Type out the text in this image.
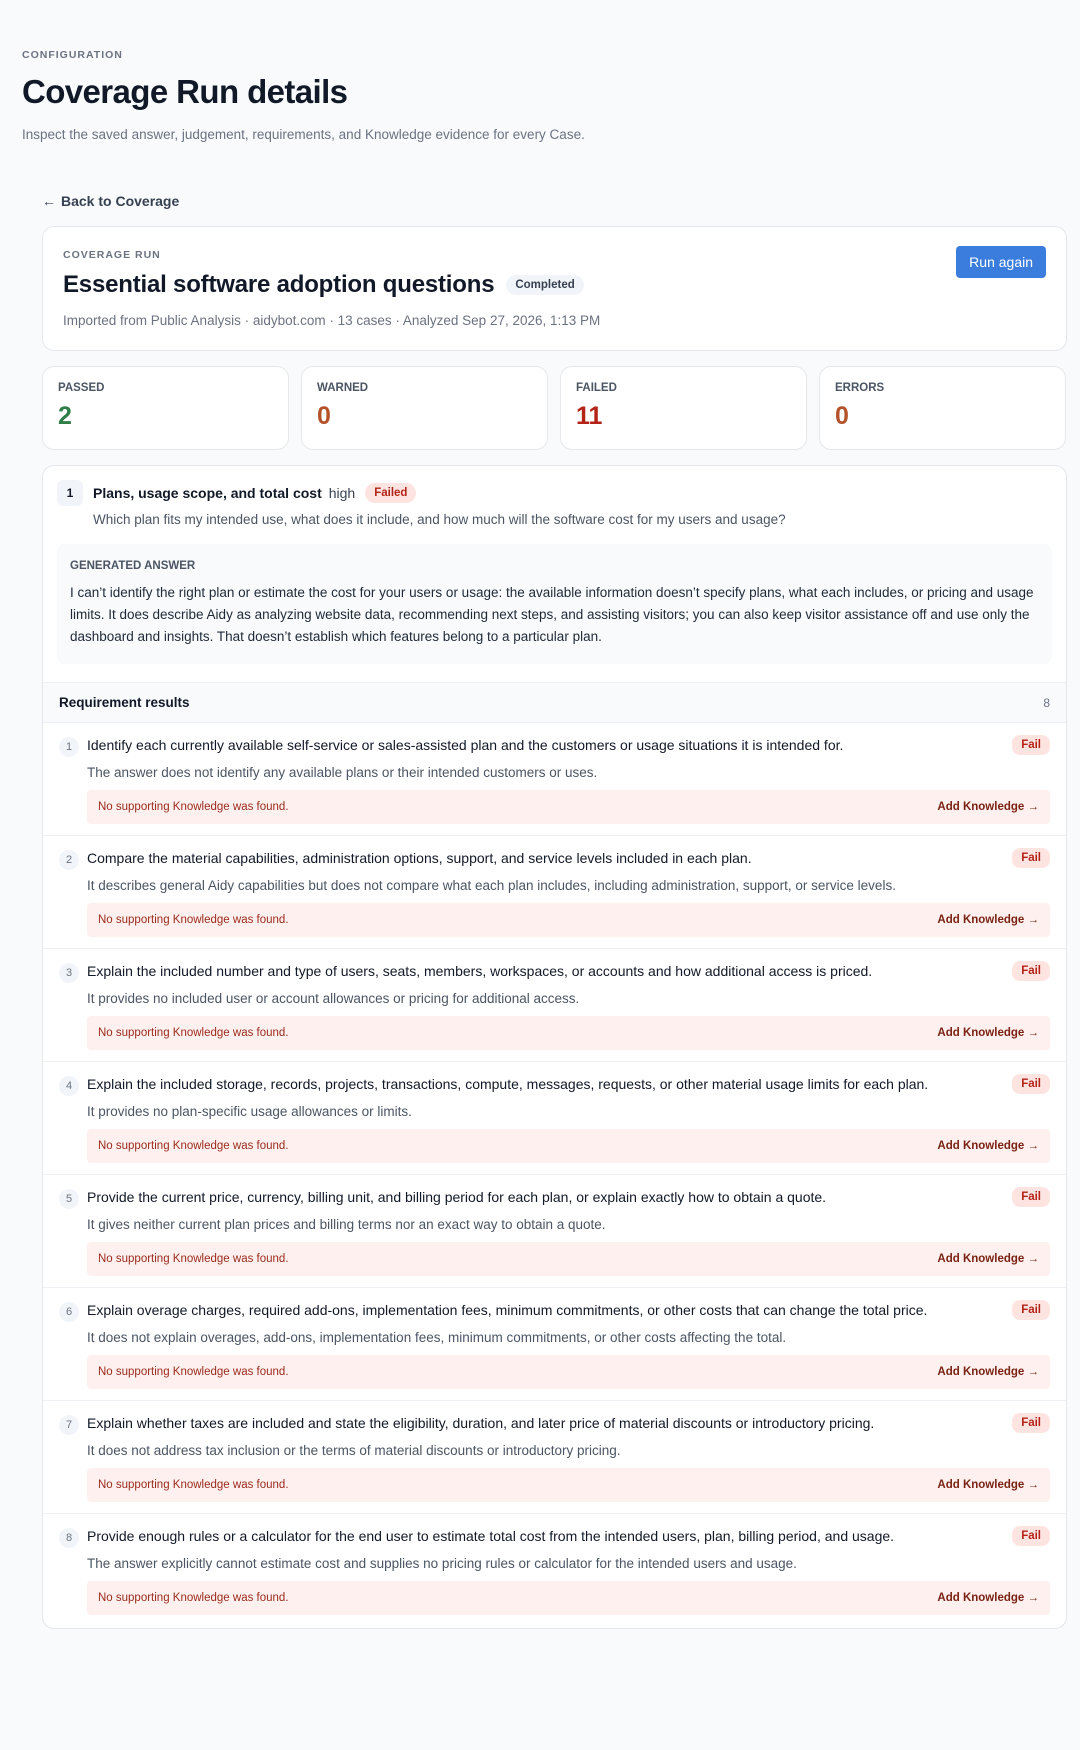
CONFIGURATION
Coverage Run details

Inspect the saved answer, judgement, requirements, and Knowledge evidence for every Case.

← Back to Coverage
COVERAGE RUN
Essential software adoption questions	Completed

Imported from Public Analysis · aidybot.com · 13 cases · Analyzed Sep 27, 2026, 1:13 PM

Run again
PASSED
2
WARNED
0
FAILED
11
ERRORS
0
1	Plans, usage scope, and total cost high	Failed

Which plan fits my intended use, what does it include, and how much will the software cost for my users and usage?

GENERATED ANSWER

I can’t identify the right plan or estimate the cost for your users or usage: the available information doesn’t specify plans, what each includes, or pricing and usage limits. It does describe Aidy as analyzing website data, recommending next steps, and assisting visitors; you can also keep visitor assistance off and use only the dashboard and insights. That doesn’t establish which features belong to a particular plan.

Requirement results	8
1	Identify each currently available self-service or sales-assisted plan and the customers or usage situations it is intended for.	Fail
The answer does not identify any available plans or their intended customers or uses.
No supporting Knowledge was found.	Add Knowledge →
2	Compare the material capabilities, administration options, support, and service levels included in each plan.	Fail
It describes general Aidy capabilities but does not compare what each plan includes, including administration, support, or service levels.
No supporting Knowledge was found.	Add Knowledge →
3	Explain the included number and type of users, seats, members, workspaces, or accounts and how additional access is priced.	Fail
It provides no included user or account allowances or pricing for additional access.
No supporting Knowledge was found.	Add Knowledge →
4	Explain the included storage, records, projects, transactions, compute, messages, requests, or other material usage limits for each plan.	Fail
It provides no plan-specific usage allowances or limits.
No supporting Knowledge was found.	Add Knowledge →
5	Provide the current price, currency, billing unit, and billing period for each plan, or explain exactly how to obtain a quote.	Fail
It gives neither current plan prices and billing terms nor an exact way to obtain a quote.
No supporting Knowledge was found.	Add Knowledge →
6	Explain overage charges, required add-ons, implementation fees, minimum commitments, or other costs that can change the total price.	Fail
It does not explain overages, add-ons, implementation fees, minimum commitments, or other costs affecting the total.
No supporting Knowledge was found.	Add Knowledge →
7	Explain whether taxes are included and state the eligibility, duration, and later price of material discounts or introductory pricing.	Fail
It does not address tax inclusion or the terms of material discounts or introductory pricing.
No supporting Knowledge was found.	Add Knowledge →
8	Provide enough rules or a calculator for the end user to estimate total cost from the intended users, plan, billing period, and usage.	Fail
The answer explicitly cannot estimate cost and supplies no pricing rules or calculator for the intended users and usage.
No supporting Knowledge was found.	Add Knowledge →
